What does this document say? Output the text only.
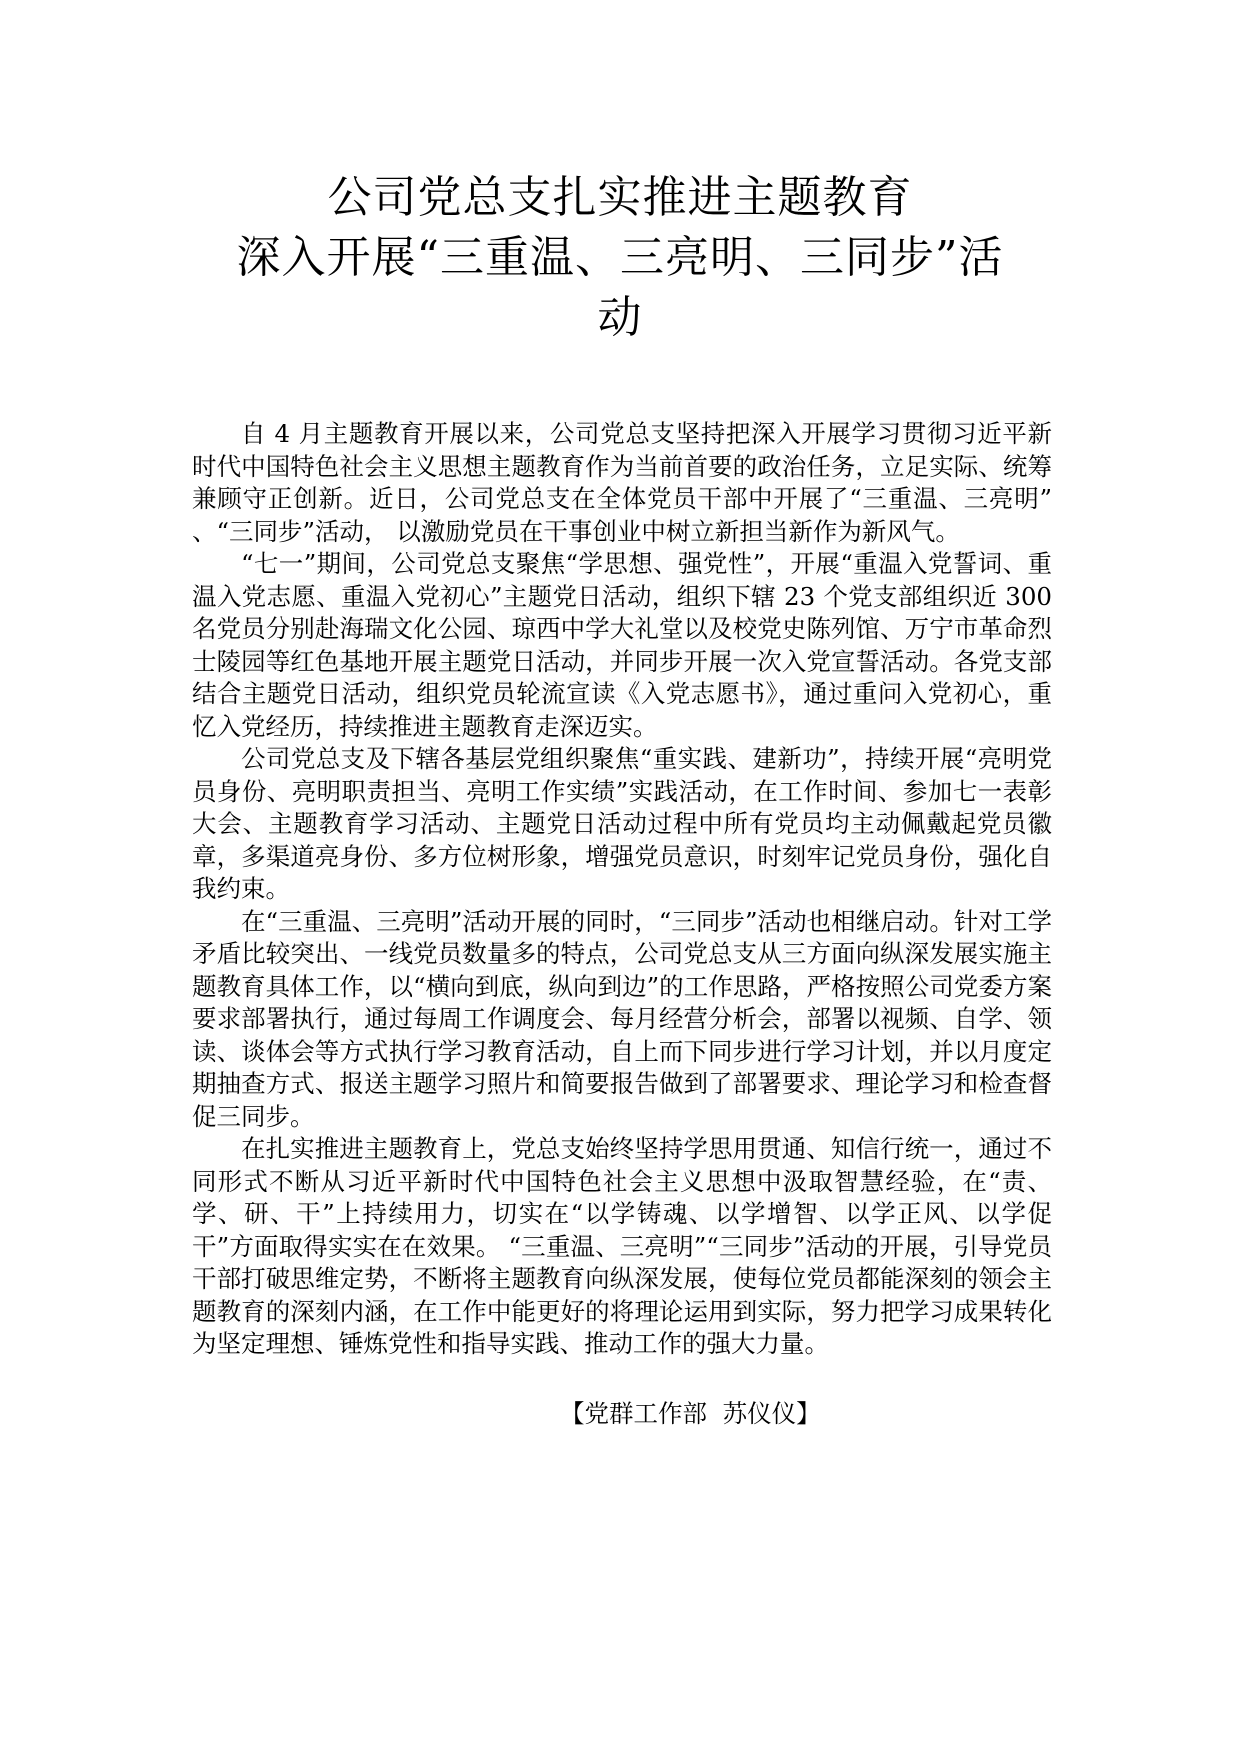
公司党总支扎实推进主题教育
深入开展“三重温、三亮明、三同步”活
动

自 4 月主题教育开展以来，公司党总支坚持把深入开展学习贯彻习近平新时代中国特色社会主义思想主题教育作为当前首要的政治任务，立足实际、统筹兼顾守正创新。近日，公司党总支在全体党员干部中开展了“三重温、三亮明” 、“三同步”活动， 以激励党员在干事创业中树立新担当新作为新风气。

“七一”期间，公司党总支聚焦“学思想、强党性”，开展“重温入党誓词、重温入党志愿、重温入党初心”主题党日活动，组织下辖 23 个党支部组织近 300 名党员分别赴海瑞文化公园、琼西中学大礼堂以及校党史陈列馆、万宁市革命烈士陵园等红色基地开展主题党日活动，并同步开展一次入党宣誓活动。各党支部结合主题党日活动，组织党员轮流宣读《入党志愿书》，通过重问入党初心，重忆入党经历，持续推进主题教育走深迈实。

公司党总支及下辖各基层党组织聚焦“重实践、建新功”，持续开展“亮明党员身份、亮明职责担当、亮明工作实绩”实践活动，在工作时间、参加七一表彰大会、主题教育学习活动、主题党日活动过程中所有党员均主动佩戴起党员徽章，多渠道亮身份、多方位树形象，增强党员意识，时刻牢记党员身份，强化自我约束。

在“三重温、三亮明”活动开展的同时，“三同步”活动也相继启动。针对工学矛盾比较突出、一线党员数量多的特点，公司党总支从三方面向纵深发展实施主题教育具体工作，以“横向到底，纵向到边”的工作思路，严格按照公司党委方案要求部署执行，通过每周工作调度会、每月经营分析会，部署以视频、自学、领读、谈体会等方式执行学习教育活动，自上而下同步进行学习计划，并以月度定期抽查方式、报送主题学习照片和简要报告做到了部署要求、理论学习和检查督促三同步。

在扎实推进主题教育上，党总支始终坚持学思用贯通、知信行统一，通过不同形式不断从习近平新时代中国特色社会主义思想中汲取智慧经验，在“责、学、研、干”上持续用力，切实在“以学铸魂、以学增智、以学正风、以学促干”方面取得实实在在效果。 “三重温、三亮明”“三同步”活动的开展，引导党员干部打破思维定势，不断将主题教育向纵深发展，使每位党员都能深刻的领会主题教育的深刻内涵，在工作中能更好的将理论运用到实际，努力把学习成果转化为坚定理想、锤炼党性和指导实践、推动工作的强大力量。

【党群工作部  苏仪仪】
